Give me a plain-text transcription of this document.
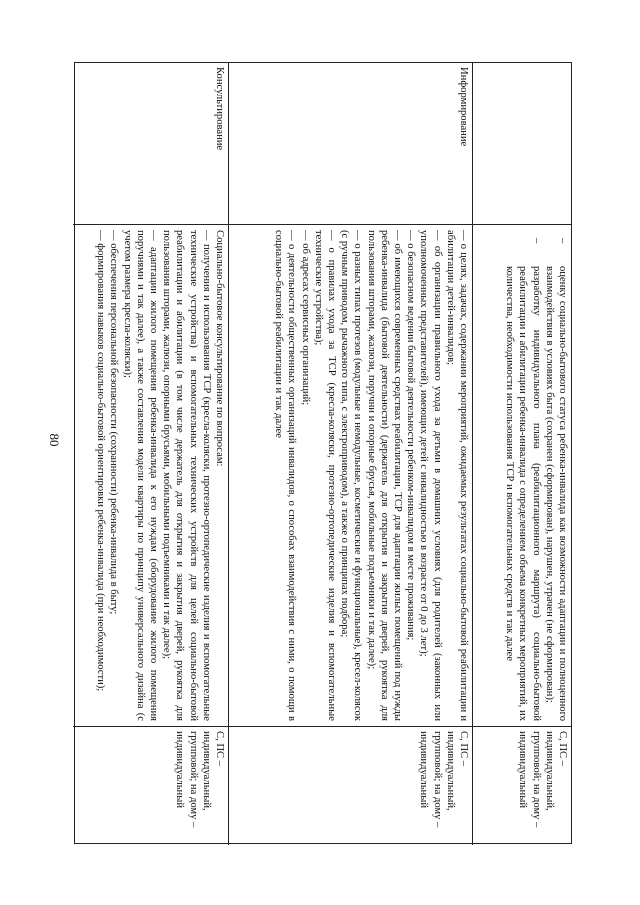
80
–
оценку социально-бытового статуса ребенка-инвалида как возможности адаптации и полноценного взаимодействия в условиях быта (сохранен (сформирован), нарушен, утрачен (не сформирован);
–
разработку индивидуального плана (реабилитационного маршрута) социально-бытовой реабилитации и абилитации ребенка-инвалида с определением объема конкретных мероприятий, их количества, необходимости использования ТСР и вспомогательных средств и так далее
С, ПС – индивидуальный, групповой; на дому – индивидуальный
Информирование

— о целях, задачах, содержании мероприятий, ожидаемых результатах социально-бытовой реабилитации и абилитации детей-инвалидов;

— об организации правильного ухода за детьми в домашних условиях (для родителей (законных или уполномоченных представителей), имеющих детей с инвалидностью в возрасте от 0 до 3 лет);

— о безопасном ведении бытовой деятельности ребенком-инвалидом в месте проживания;

— об имеющихся современных средствах реабилитации, ТСР для адаптации жилых помещений под нужды ребенка-инвалида (бытовой деятельности) (держатель для открытия и закрытия дверей, рукоятка для пользования шторами, жалюзи, поручни и опорные брусья, мобильные подъемники и так далее);

— о разных типах протезов (модульные и немодульные, косметические и функциональные), кресел-колясок (с ручным приводом, рычажного типа, с электроприводом), а также о принципах подбора;

— о правилах ухода за ТСР (кресла-коляски, протезно-ортопедические изделия и вспомогательные технические устройства);

— об адресах сервисных организаций;

— о деятельности общественных организаций инвалидов, о способах взаимодействия с ними, о помощи в социально-бытовой реабилитации и так далее

С, ПС – индивидуальный, групповой; на дому – индивидуальный
Консультирование

Социально-бытовое консультирование по вопросам:

— получения и использования ТСР (кресла-коляски, протезно-ортопедические изделия и вспомогательные технические устройства) и вспомогательных технических устройств для целей социально-бытовой реабилитации и абилитации (в том числе держатель для открытия и закрытия дверей, рукоятка для пользования шторами, жалюзи, опорными брусьями, мобильными подъемниками и так далее);

— адаптации жилого помещения ребенка-инвалида к его нуждам (оборудование жилого помещения поручнями и так далее), а также составления модели квартиры по принципу универсального дизайна (с учетом размера кресла-коляски);

— обеспечения персональной безопасности (сохранности) ребенка-инвалида в быту;

— формирования навыков социально-бытовой ориентировки ребенка-инвалида (при необходимости);

С, ПС – индивидуальный, групповой; на дому – индивидуальный
